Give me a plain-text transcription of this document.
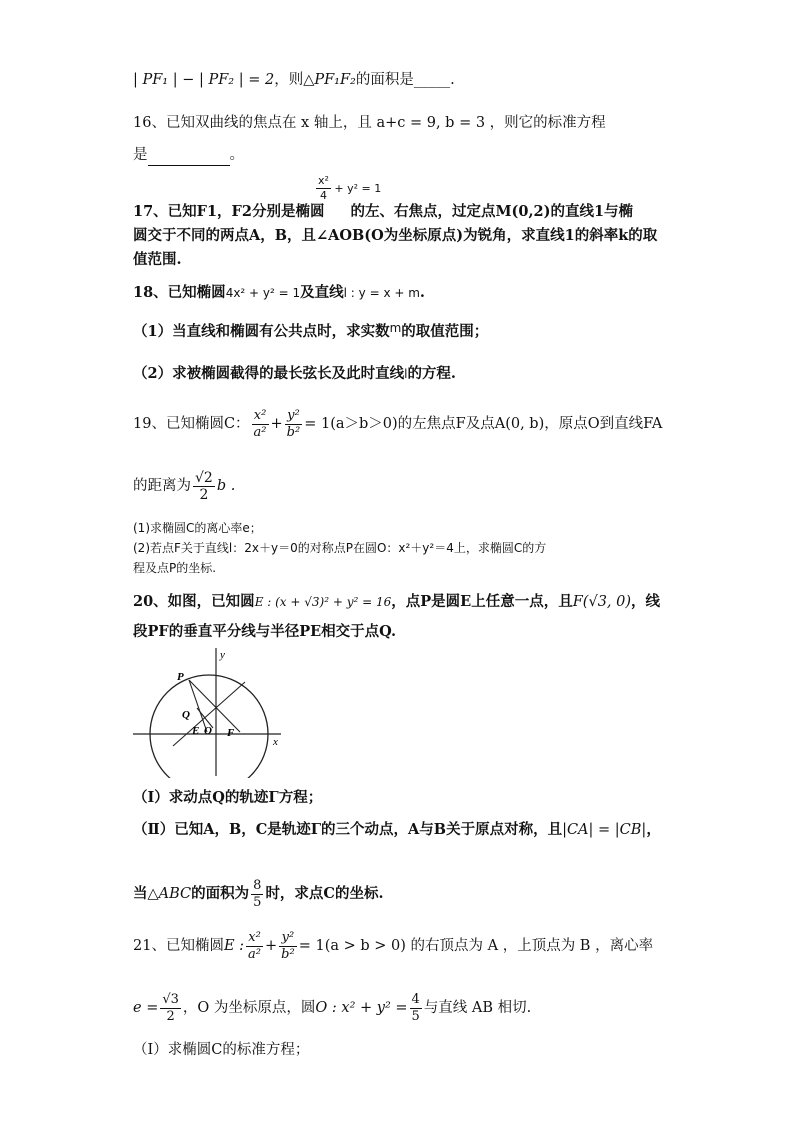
| PF₁ | − | PF₂ | = 2，则△PF₁F₂的面积是_____.
16、已知双曲线的焦点在 x 轴上，且 a+c = 9, b = 3 ，则它的标准方程
是	。
$\frac{\text{x²}}{4} + y^2 = 1$
17、已知F1，F2分别是椭圆 的左、右焦点，过定点M(0,2)的直线1与椭
圆交于不同的两点A，B，且∠AOB(O为坐标原点)为锐角，求直线1的斜率k的取
值范围.
18、已知椭圆4x² + y² = 1及直线l : y = x + m.
（1）当直线和椭圆有公共点时，求实数$^m$的取值范围；
（2）求被椭圆截得的最长弦长及此时直线l的方程.
19、已知椭圆C： $\frac{\text{x²}}{\text{a²}} + \frac{\text{y²}}{\text{b²}} = 1(a>b>0)$的左焦点F及点A(0, b)，原点O到直线FA
的距离为 $\frac{√2}{2}$ b .
(1)求椭圆C的离心率e；
(2)若点F关于直线l：2x＋y＝0的对称点P在圆O：x²＋y²＝4上，求椭圆C的方
程及点P的坐标.
20、如图，已知圆E : (x + √3)² + y² = 16，点P是圆E上任意一点，且F(√3, 0)，线
段PF的垂直平分线与半径PE相交于点Q.
y
x
P
Q
E O F
（Ⅰ）求动点Q的轨迹Γ方程；
（Ⅱ）已知A，B，C是轨迹Γ的三个动点，A与B关于原点对称，且|CA| = |CB|，
当△ABC的面积为 $\frac{8}{5}$ 时，求点C的坐标.
21、已知椭圆E : $\frac{\text{x²}}{\text{a²}} + \frac{\text{y²}}{\text{b²}} = 1(a > b > 0)$ 的右顶点为 A ，上顶点为 B ，离心率
$e = \frac{√3}{2}$ ，O 为坐标原点，圆O : $x^2 + y^2 = \frac{4}{5}$ 与直线 AB 相切.
（Ⅰ）求椭圆C的标准方程；
